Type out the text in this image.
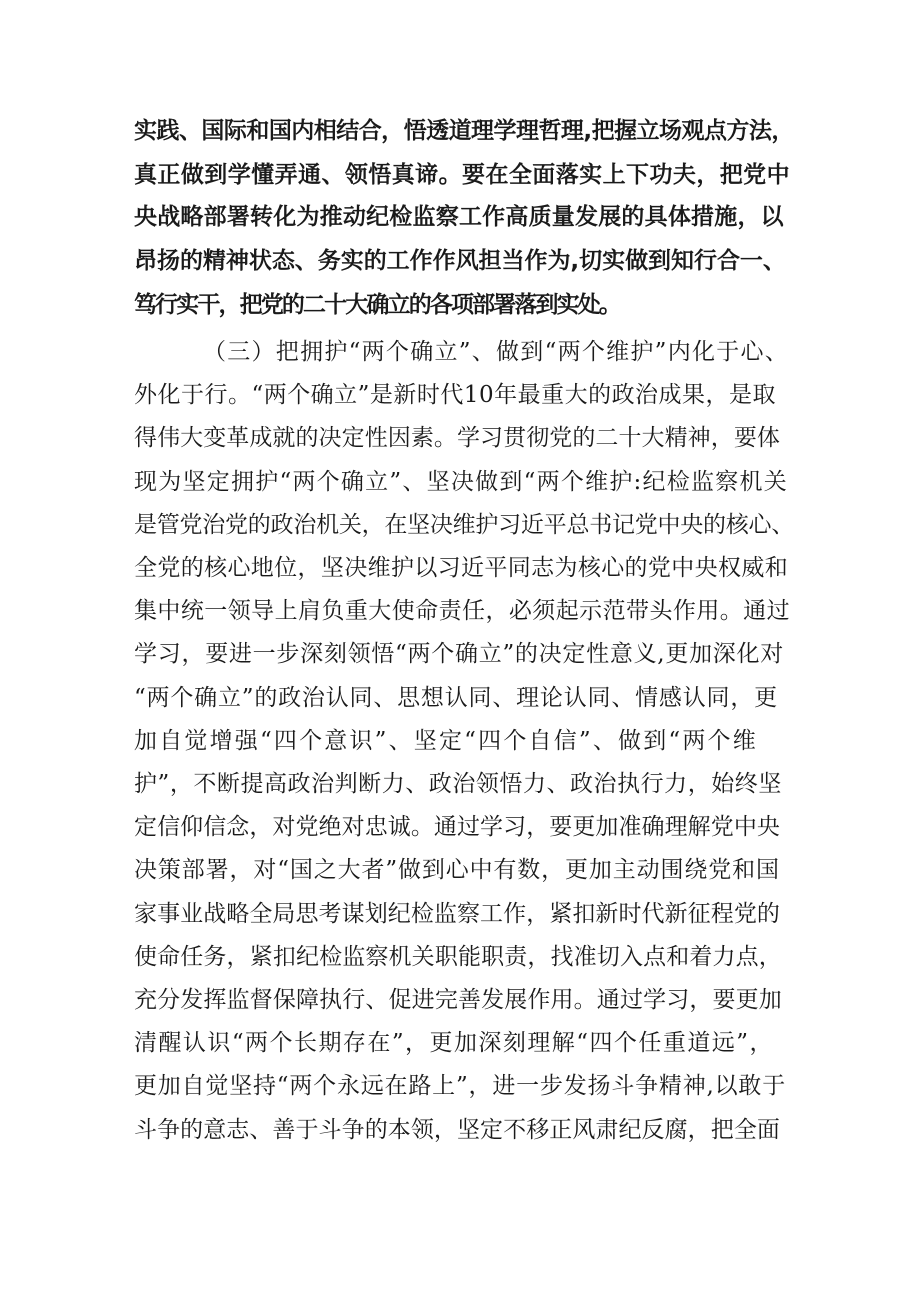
实践、国际和国内相结合，悟透道理学理哲理,把握立场观点方法，
真正做到学懂弄通、领悟真谛。要在全面落实上下功夫，把党中
央战略部署转化为推动纪检监察工作高质量发展的具体措施，以
昂扬的精神状态、务实的工作作风担当作为,切实做到知行合一、
笃行实干，把党的二十大确立的各项部署落到实处。
（三）把拥护“两个确立”、做到“两个维护”内化于心、
外化于行。“两个确立”是新时代10年最重大的政治成果，是取
得伟大变革成就的决定性因素。学习贯彻党的二十大精神，要体
现为坚定拥护“两个确立”、坚决做到“两个维护:纪检监察机关
是管党治党的政治机关，在坚决维护习近平总书记党中央的核心、
全党的核心地位，坚决维护以习近平同志为核心的党中央权威和
集中统一领导上肩负重大使命责任，必须起示范带头作用。通过
学习，要进一步深刻领悟“两个确立”的决定性意义,更加深化对
“两个确立”的政治认同、思想认同、理论认同、情感认同，更
加自觉增强“四个意识”、坚定“四个自信”、做到“两个维
护”，不断提高政治判断力、政治领悟力、政治执行力，始终坚
定信仰信念，对党绝对忠诚。通过学习，要更加准确理解党中央
决策部署，对“国之大者”做到心中有数，更加主动围绕党和国
家事业战略全局思考谋划纪检监察工作，紧扣新时代新征程党的
使命任务，紧扣纪检监察机关职能职责，找准切入点和着力点，
充分发挥监督保障执行、促进完善发展作用。通过学习，要更加
清醒认识“两个长期存在”，更加深刻理解“四个任重道远”，
更加自觉坚持“两个永远在路上”，进一步发扬斗争精神,以敢于
斗争的意志、善于斗争的本领，坚定不移正风肃纪反腐，把全面
